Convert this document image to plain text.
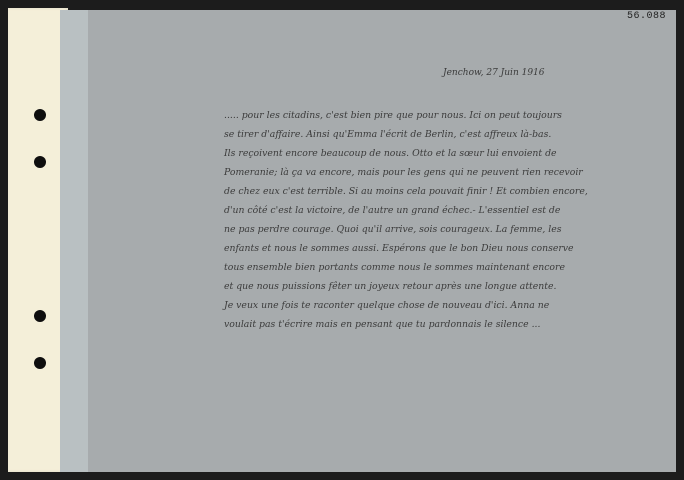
56.088
Jenchow, 27 Juin 1916
..... pour les citadins, c'est bien pire que pour nous. Ici on peut toujours
se tirer d'affaire. Ainsi qu'Emma l'écrit de Berlin, c'est affreux là-bas.
Ils reçoivent encore beaucoup de nous. Otto et la sœur lui envoient de
Pomeranie; là ça va encore, mais pour les gens qui ne peuvent rien recevoir
de chez eux c'est terrible. Si au moins cela pouvait finir ! Et combien encore,
d'un côté c'est la victoire, de l'autre un grand échec.- L'essentiel est de
ne pas perdre courage. Quoi qu'il arrive, sois courageux. La femme, les
enfants et nous le sommes aussi. Espérons que le bon Dieu nous conserve
tous ensemble bien portants comme nous le sommes maintenant encore
et que nous puissions fêter un joyeux retour après une longue attente.
Je veux une fois te raconter quelque chose de nouveau d'ici. Anna ne
voulait pas t'écrire mais en pensant que tu pardonnais le silence ...
